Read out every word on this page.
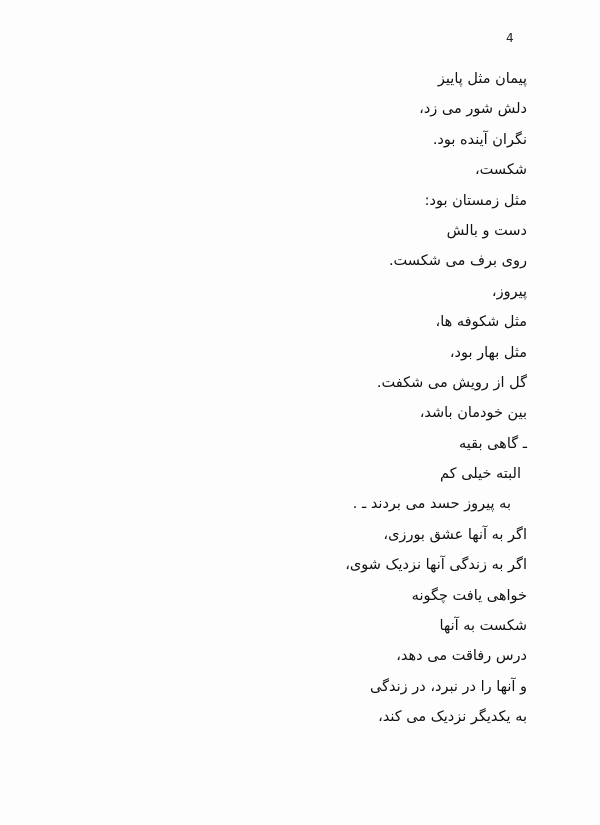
4
پیمان مثل پاییز
دلش شور می زد،
نگران آینده بود.
شکست،
مثل زمستان بود:
دست و بالش
روی برف می شکست.
پیروز،
مثل شکوفه ها،
مثل بهار بود،
گل از رویش می شکفت.
بین خودمان باشد،
ـ گاهی بقیه
البته خیلی کم
به پیروز حسد می بردند ـ .
اگر به آنها عشق بورزی،
اگر به زندگی آنها نزدیک شوی،
خواهی یافت چگونه
شکست به آنها
درس رفاقت می دهد،
و آنها را در نبرد، در زندگی
به یکدیگر نزدیک می کند،
